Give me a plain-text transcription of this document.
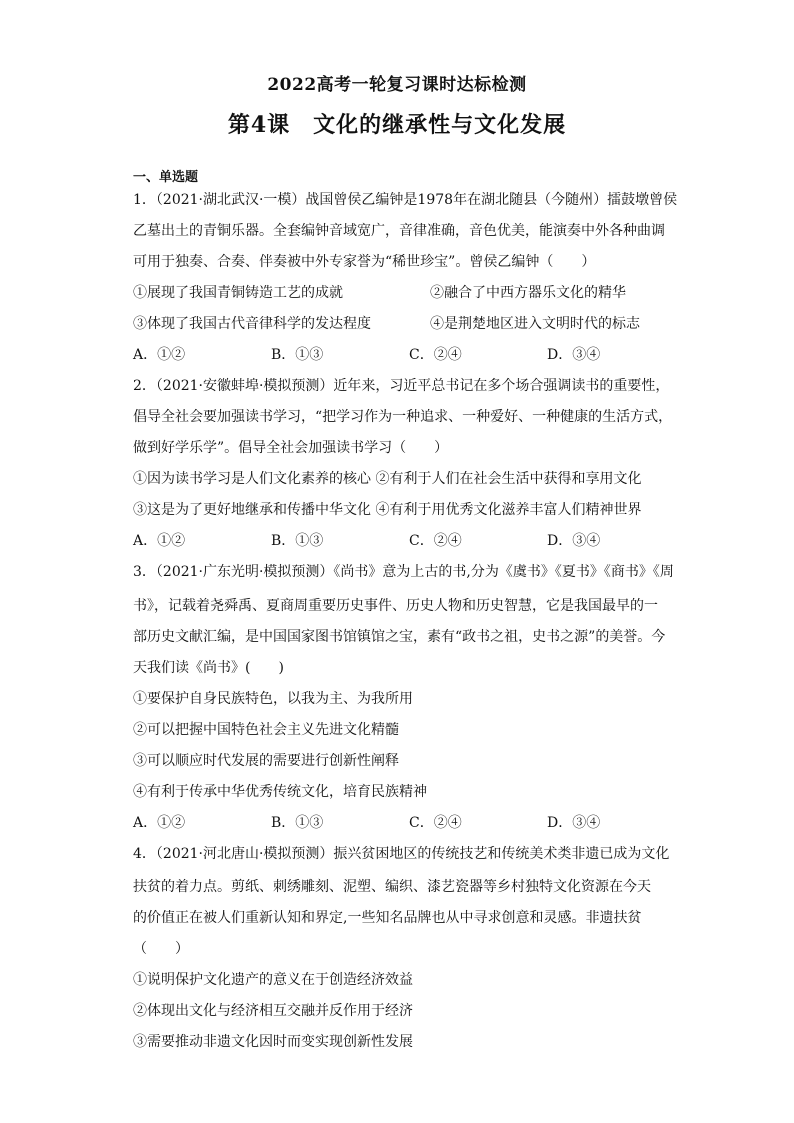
2022高考一轮复习课时达标检测
第4课　文化的继承性与文化发展
一、单选题
1．（2021·湖北武汉·一模）战国曾侯乙编钟是1978年在湖北随县（今随州）擂鼓墩曾侯
乙墓出土的青铜乐器。全套编钟音域宽广，音律准确，音色优美，能演奏中外各种曲调
可用于独奏、合奏、伴奏被中外专家誉为“稀世珍宝”。曾侯乙编钟（　　）
①展现了我国青铜铸造工艺的成就	②融合了中西方器乐文化的精华
③体现了我国古代音律科学的发达程度	④是荆楚地区进入文明时代的标志
A．①②	B．①③	C．②④	D．③④
2．（2021·安徽蚌埠·模拟预测）近年来，习近平总书记在多个场合强调读书的重要性，
倡导全社会要加强读书学习，“把学习作为一种追求、一种爱好、一种健康的生活方式，
做到好学乐学”。倡导全社会加强读书学习（　　）
①因为读书学习是人们文化素养的核心 ②有利于人们在社会生活中获得和享用文化
③这是为了更好地继承和传播中华文化 ④有利于用优秀文化滋养丰富人们精神世界
A．①②	B．①③	C．②④	D．③④
3．（2021·广东光明·模拟预测）《尚书》意为上古的书,分为《虞书》《夏书》《商书》《周
书》，记载着尧舜禹、夏商周重要历史事件、历史人物和历史智慧，它是我国最早的一
部历史文献汇编，是中国国家图书馆镇馆之宝，素有“政书之祖，史书之源”的美誉。今
天我们读《尚书》(　　)
①要保护自身民族特色，以我为主、为我所用
②可以把握中国特色社会主义先进文化精髓
③可以顺应时代发展的需要进行创新性阐释
④有利于传承中华优秀传统文化，培育民族精神
A．①②	B．①③	C．②④	D．③④
4．（2021·河北唐山·模拟预测）振兴贫困地区的传统技艺和传统美术类非遗已成为文化
扶贫的着力点。剪纸、刺绣雕刻、泥塑、编织、漆艺瓷器等乡村独特文化资源在今天
的价值正在被人们重新认知和界定,一些知名品牌也从中寻求创意和灵感。非遗扶贫
（　　）
①说明保护文化遗产的意义在于创造经济效益
②体现出文化与经济相互交融并反作用于经济
③需要推动非遗文化因时而变实现创新性发展
